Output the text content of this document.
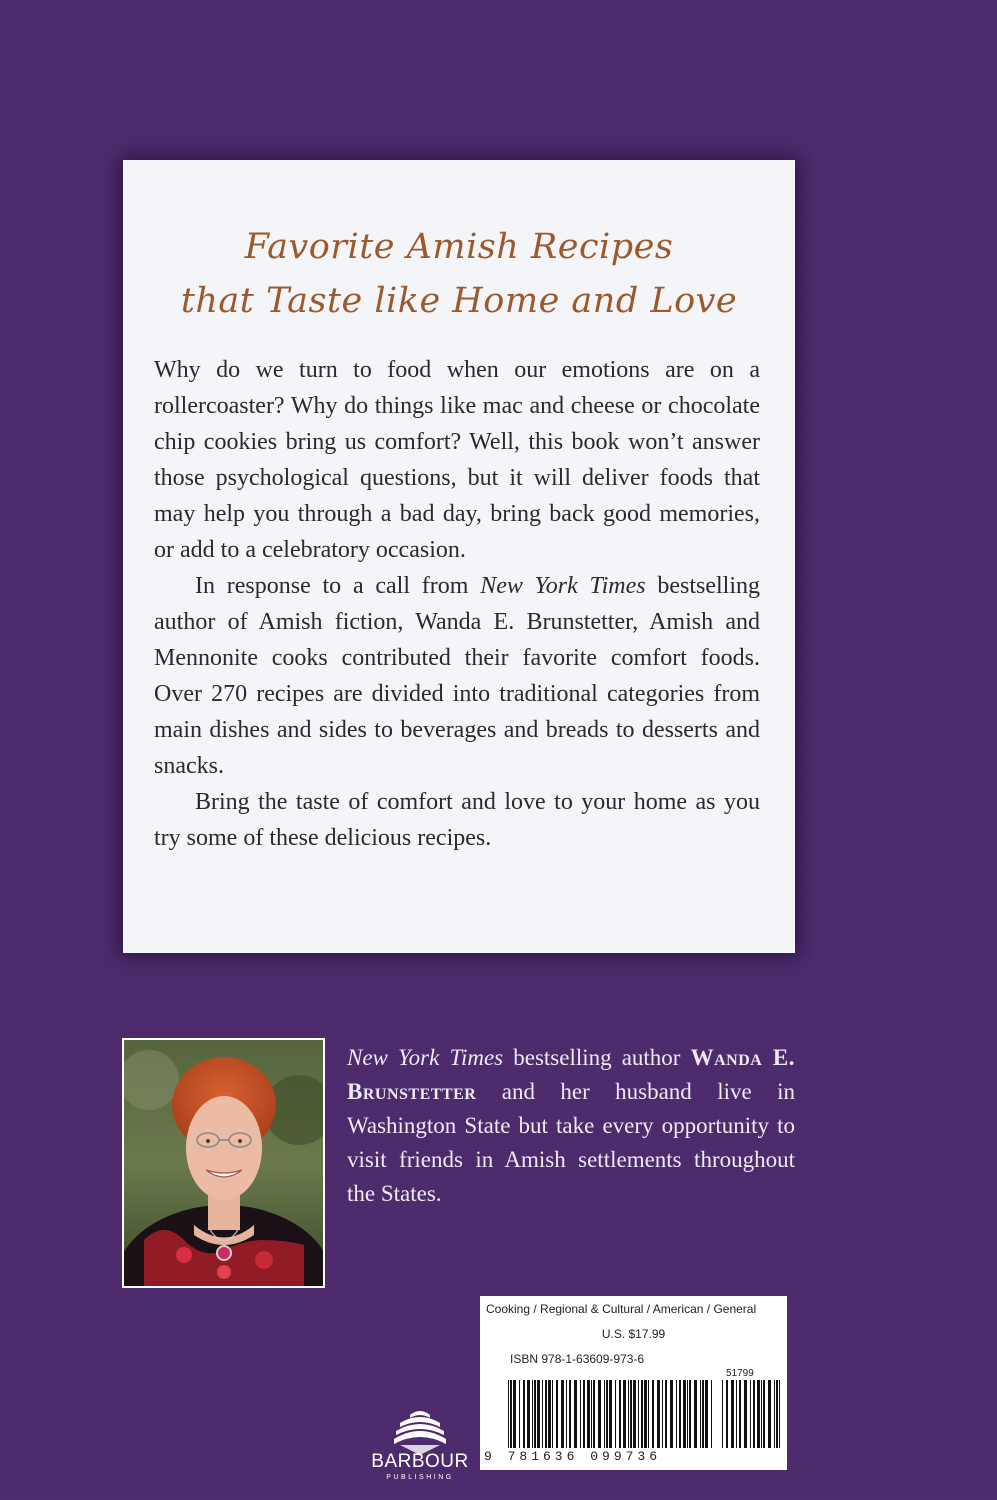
Favorite Amish Recipes
that Taste like Home and Love

Why do we turn to food when our emotions are on a rollercoaster? Why do things like mac and cheese or chocolate chip cookies bring us comfort? Well, this book won’t answer those psychological questions, but it will deliver foods that may help you through a bad day, bring back good memories, or add to a celebratory occasion.

In response to a call from New York Times bestselling author of Amish fiction, Wanda E. Brunstetter, Amish and Mennonite cooks contributed their favorite comfort foods. Over 270 recipes are divided into traditional categories from main dishes and sides to beverages and breads to desserts and snacks.

Bring the taste of comfort and love to your home as you try some of these delicious recipes.

New York Times bestselling author Wanda E. Brunstetter and her husband live in Washington State but take every opportunity to visit friends in Amish settlements throughout the States.
BARBOUR
PUBLISHING
Cooking / Regional & Cultural / American / General
U.S. $17.99
ISBN 978-1-63609-973-6
51799
9 781636 099736
